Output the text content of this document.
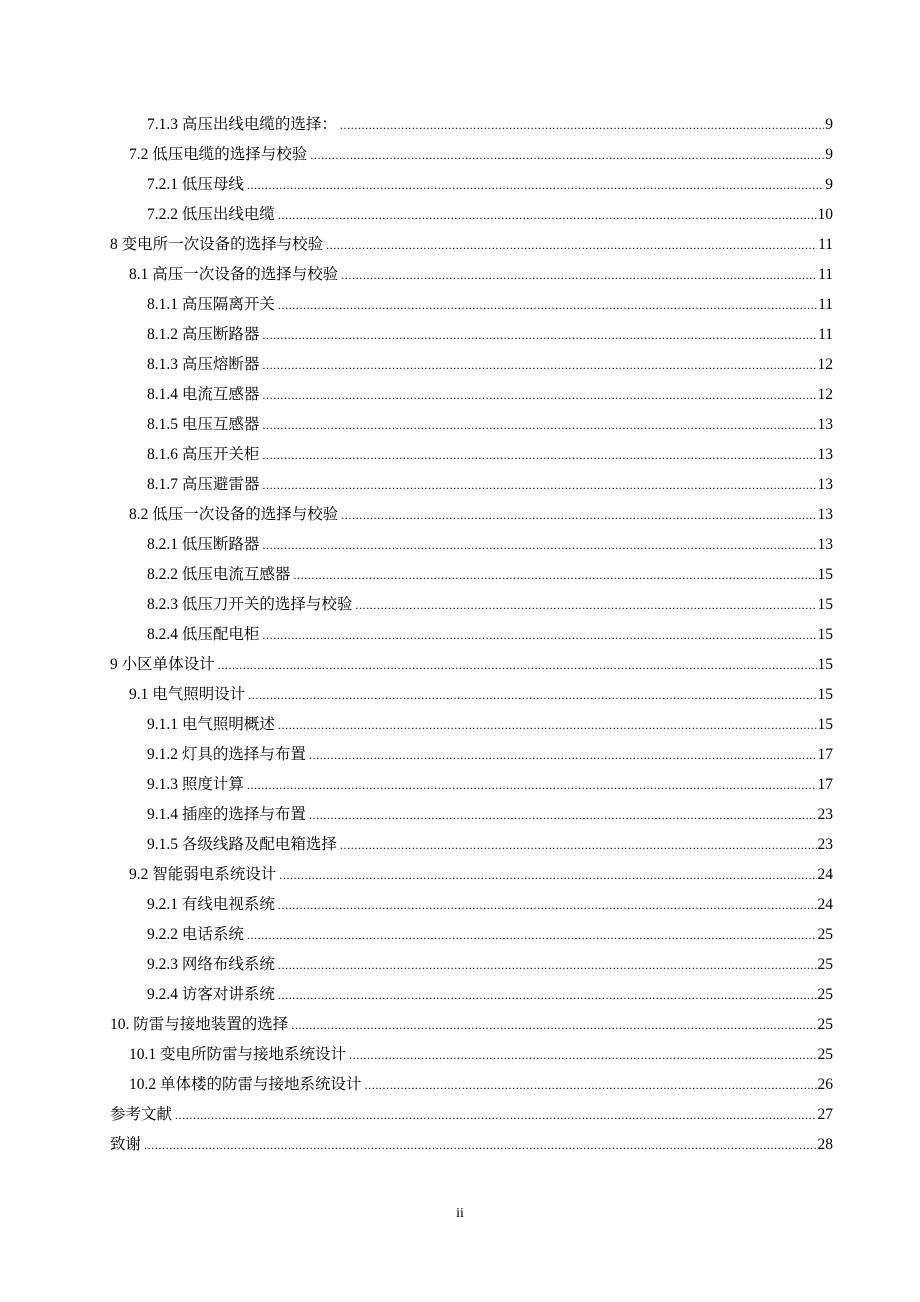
7.1.3 高压出线电缆的选择： .....	9
7.2 低压电缆的选择与校验 .....	9
7.2.1 低压母线 .....	9
7.2.2 低压出线电缆 .....	10
8 变电所一次设备的选择与校验 .....	11
8.1 高压一次设备的选择与校验 .....	11
8.1.1 高压隔离开关 .....	11
8.1.2 高压断路器 .....	11
8.1.3 高压熔断器 .....	12
8.1.4 电流互感器 .....	12
8.1.5 电压互感器 .....	13
8.1.6 高压开关柜 .....	13
8.1.7 高压避雷器 .....	13
8.2 低压一次设备的选择与校验 .....	13
8.2.1 低压断路器 .....	13
8.2.2 低压电流互感器 .....	15
8.2.3 低压刀开关的选择与校验 .....	15
8.2.4 低压配电柜 .....	15
9 小区单体设计 .....	15
9.1 电气照明设计 .....	15
9.1.1 电气照明概述 .....	15
9.1.2 灯具的选择与布置 .....	17
9.1.3 照度计算 .....	17
9.1.4 插座的选择与布置 .....	23
9.1.5 各级线路及配电箱选择 .....	23
9.2 智能弱电系统设计 .....	24
9.2.1 有线电视系统 .....	24
9.2.2 电话系统 .....	25
9.2.3 网络布线系统 .....	25
9.2.4 访客对讲系统 .....	25
10. 防雷与接地装置的选择 .....	25
10.1 变电所防雷与接地系统设计 .....	25
10.2 单体楼的防雷与接地系统设计 .....	26
参考文献 .....	27
致谢 .....	28
ii
